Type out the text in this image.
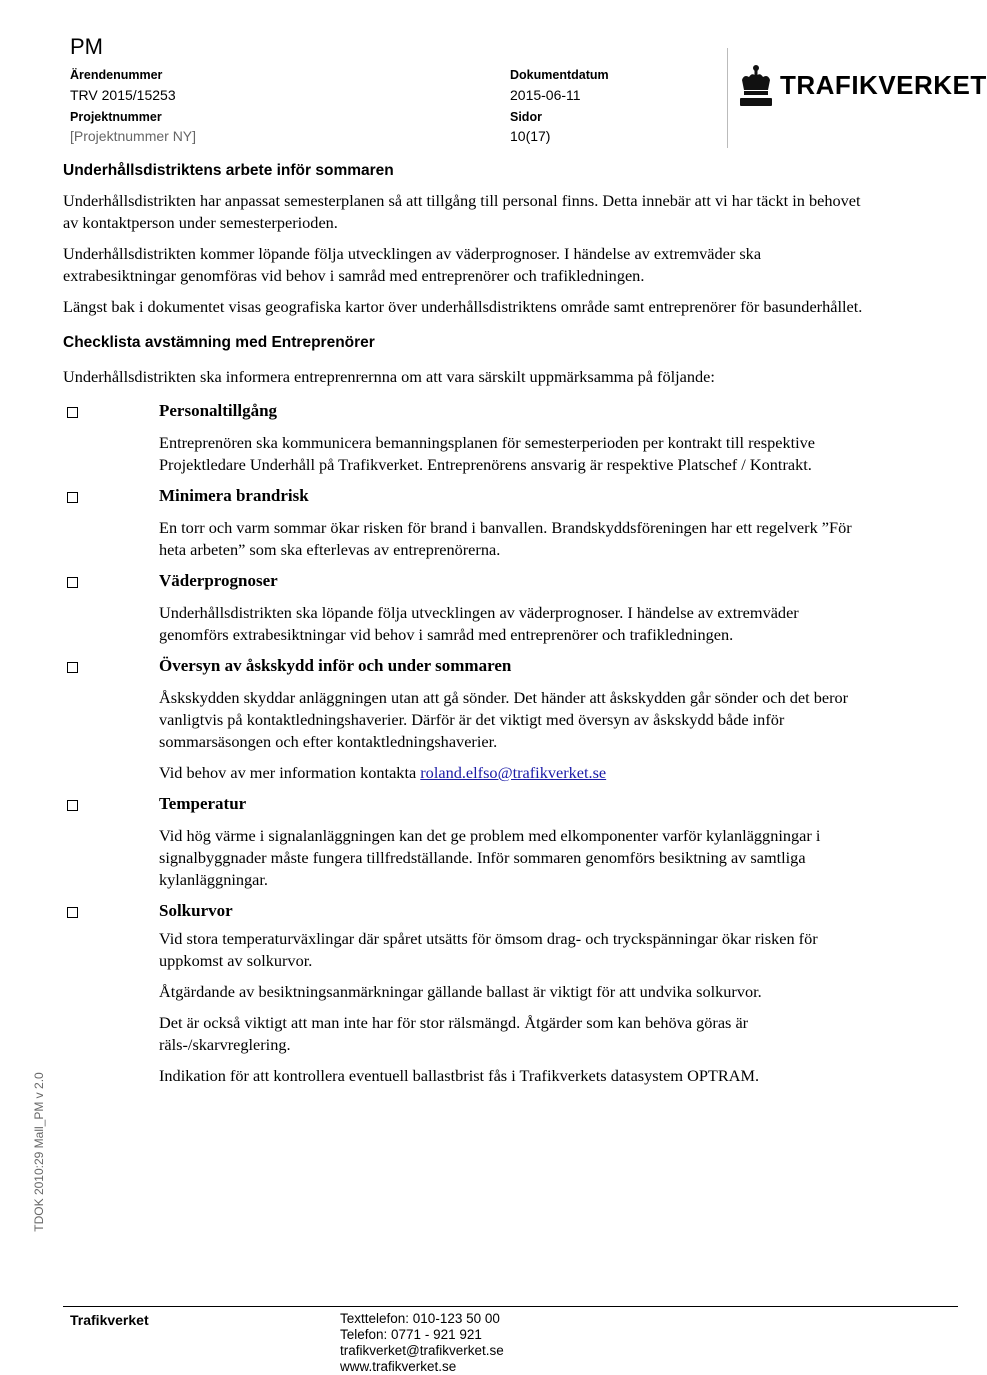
PM
Ärendenummer
TRV 2015/15253
Projektnummer
[Projektnummer NY]
Dokumentdatum
2015-06-11
Sidor
10(17)
TRAFIKVERKET
Underhållsdistriktens arbete inför sommaren

Underhållsdistrikten har anpassat semesterplanen så att tillgång till personal finns. Detta innebär att vi har täckt in behovet av kontaktperson under semesterperioden.

Underhållsdistrikten kommer löpande följa utvecklingen av väderprognoser. I händelse av extremväder ska extrabesiktningar genomföras vid behov i samråd med entreprenörer och trafikledningen.

Längst bak i dokumentet visas geografiska kartor över underhållsdistriktens område samt entreprenörer för basunderhållet.

Checklista avstämning med Entreprenörer

Underhållsdistrikten ska informera entreprenrernna om att vara särskilt uppmärksamma på följande:

Personaltillgång

Entreprenören ska kommunicera bemanningsplanen för semesterperioden per kontrakt till respektive Projektledare Underhåll på Trafikverket. Entreprenörens ansvarig är respektive Platschef / Kontrakt.

Minimera brandrisk

En torr och varm sommar ökar risken för brand i banvallen. Brandskyddsföreningen har ett regelverk ”För heta arbeten” som ska efterlevas av entreprenörerna.

Väderprognoser

Underhållsdistrikten ska löpande följa utvecklingen av väderprognoser. I händelse av extremväder genomförs extrabesiktningar vid behov i samråd med entreprenörer och trafikledningen.

Översyn av åskskydd inför och under sommaren

Åskskydden skyddar anläggningen utan att gå sönder. Det händer att åskskydden går sönder och det beror vanligtvis på kontaktledningshaverier. Därför är det viktigt med översyn av åskskydd både inför sommarsäsongen och efter kontaktledningshaverier.

Vid behov av mer information kontakta roland.elfso@trafikverket.se

Temperatur

Vid hög värme i signalanläggningen kan det ge problem med elkomponenter varför kylanläggningar i signalbyggnader måste fungera tillfredställande. Inför sommaren genomförs besiktning av samtliga kylanläggningar.

Solkurvor

Vid stora temperaturväxlingar där spåret utsätts för ömsom drag- och tryckspänningar ökar risken för uppkomst av solkurvor.

Åtgärdande av besiktningsanmärkningar gällande ballast är viktigt för att undvika solkurvor.

Det är också viktigt att man inte har för stor rälsmängd. Åtgärder som kan behöva göras är räls-/skarvreglering.

Indikation för att kontrollera eventuell ballastbrist fås i Trafikverkets datasystem OPTRAM.

TDOK 2010:29 Mall_PM v 2.0
Trafikverket	Texttelefon: 010-123 50 00
Telefon: 0771 - 921 921
trafikverket@trafikverket.se
www.trafikverket.se
